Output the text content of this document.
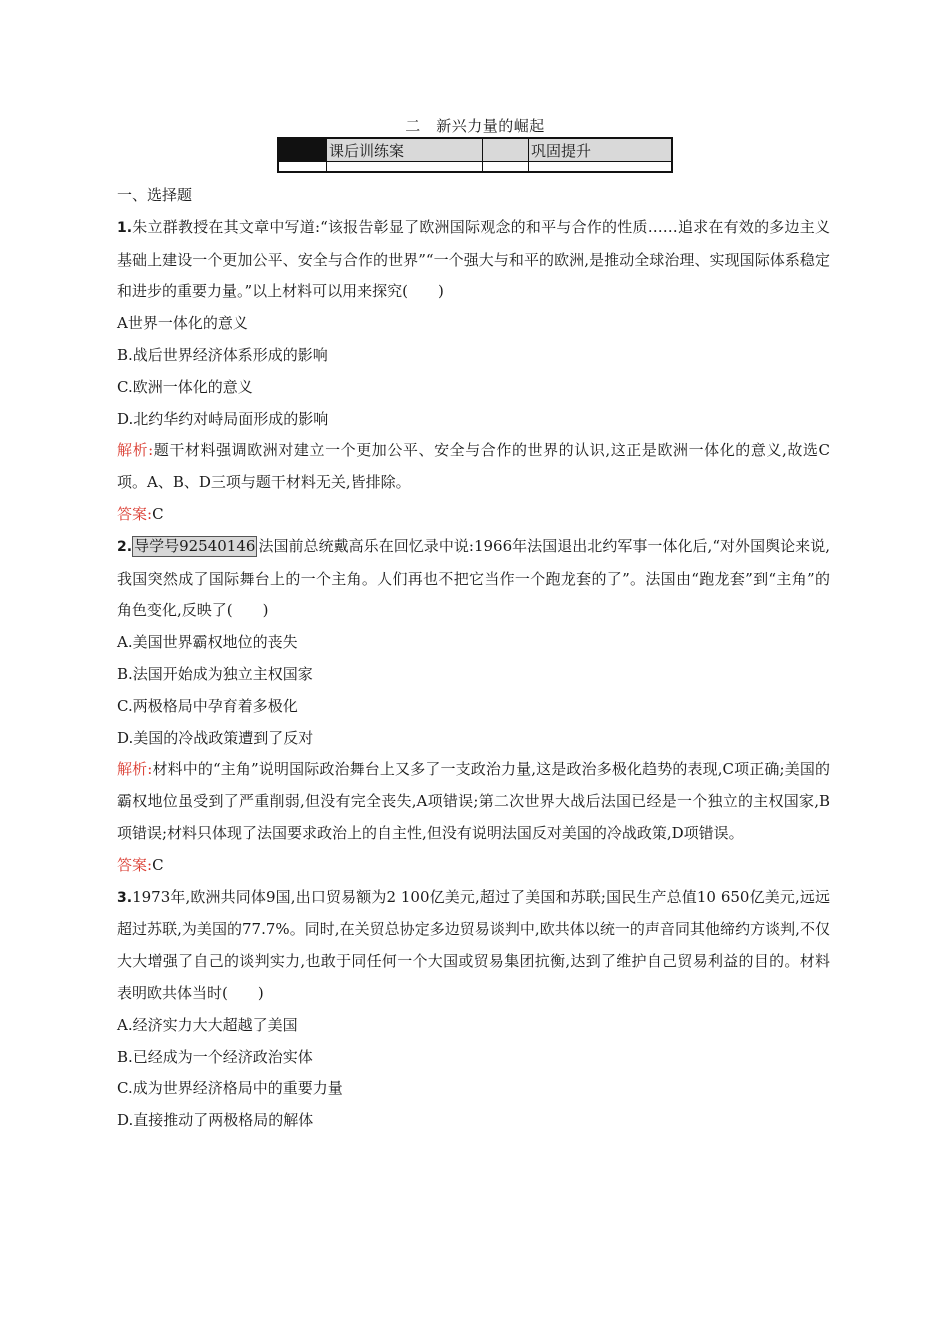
二　新兴力量的崛起
	课后训练案		巩固提升

一、选择题

1.朱立群教授在其文章中写道:“该报告彰显了欧洲国际观念的和平与合作的性质……追求在有效的多边主义基础上建设一个更加公平、安全与合作的世界”“一个强大与和平的欧洲,是推动全球治理、实现国际体系稳定和进步的重要力量。”以上材料可以用来探究(　　)

A世界一体化的意义

B.战后世界经济体系形成的影响

C.欧洲一体化的意义

D.北约华约对峙局面形成的影响

解析:题干材料强调欧洲对建立一个更加公平、安全与合作的世界的认识,这正是欧洲一体化的意义,故选C项。A、B、D三项与题干材料无关,皆排除。

答案:C

2. 导学号92540146 法国前总统戴高乐在回忆录中说:1966年法国退出北约军事一体化后,“对外国舆论来说,我国突然成了国际舞台上的一个主角。人们再也不把它当作一个跑龙套的了”。法国由“跑龙套”到“主角”的角色变化,反映了(　　)

A.美国世界霸权地位的丧失

B.法国开始成为独立主权国家

C.两极格局中孕育着多极化

D.美国的冷战政策遭到了反对

解析:材料中的“主角”说明国际政治舞台上又多了一支政治力量,这是政治多极化趋势的表现,C项正确;美国的霸权地位虽受到了严重削弱,但没有完全丧失,A项错误;第二次世界大战后法国已经是一个独立的主权国家,B项错误;材料只体现了法国要求政治上的自主性,但没有说明法国反对美国的冷战政策,D项错误。

答案:C

3.1973年,欧洲共同体9国,出口贸易额为2 100亿美元,超过了美国和苏联;国民生产总值10 650亿美元,远远超过苏联,为美国的77.7%。同时,在关贸总协定多边贸易谈判中,欧共体以统一的声音同其他缔约方谈判,不仅大大增强了自己的谈判实力,也敢于同任何一个大国或贸易集团抗衡,达到了维护自己贸易利益的目的。材料表明欧共体当时(　　)

A.经济实力大大超越了美国

B.已经成为一个经济政治实体

C.成为世界经济格局中的重要力量

D.直接推动了两极格局的解体
